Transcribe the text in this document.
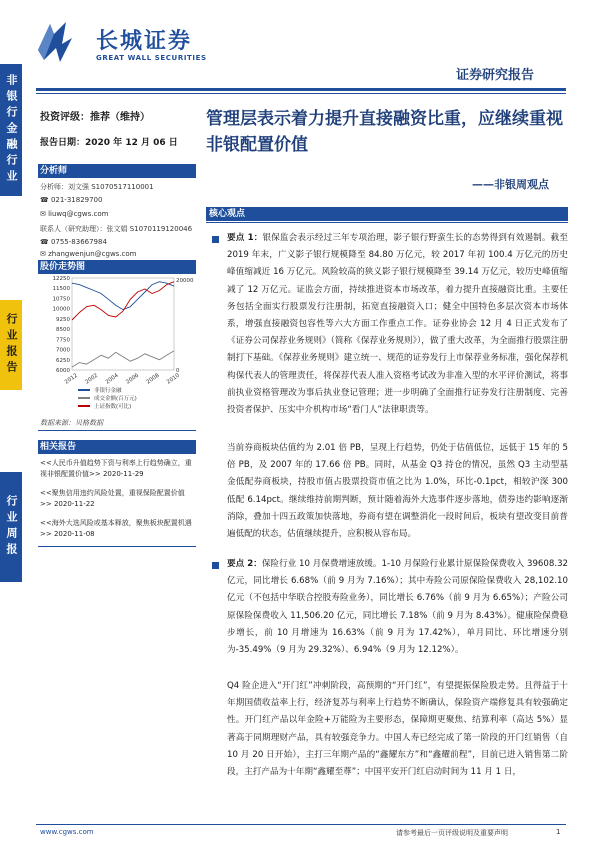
长城证券
GREAT WALL SECURITIES
证券研究报告
非银行金融行业
行业报告
行业周报
投资评级：推荐（维持）
报告日期：2020 年 12 月 06 日
分析师
分析师：刘文强 S1070517110001
☎ 021-31829700
✉ liuwq@cgws.com
联系人（研究助理）：张文娟 S1070119120046
☎ 0755-83667984
✉ zhangwenjun@cgws.com
股价走势图
12250
11500
10750
10000
9250
8500
7750
7000
6250
6000
20000
0
2012 2002 2004 2006 2008 2010
非银行金融
成交金额(百万元)
上证指数(可比)
数据来源：贝格数据
相关报告
<<人民币升值趋势下资与利率上行趋势确立，重视非银配置价值>> 2020-11-29
<<聚焦信用违约风险处置，重视保险配置价值>> 2020-11-22
<<海外大选风险或基本释放，聚焦板块配置机遇>> 2020-11-08
管理层表示着力提升直接融资比重，应继续重视非银配置价值
——非银周观点
核心观点
要点 1：银保监会表示经过三年专项治理，影子银行野蛮生长的态势得到有效遏制。截至 2019 年末，广义影子银行规模降至 84.80 万亿元，较 2017 年初 100.4 万亿元的历史峰值缩减近 16 万亿元。风险较高的狭义影子银行规模降至 39.14 万亿元，较历史峰值缩减了 12 万亿元。证监会方面，持续推进资本市场改革，着力提升直接融资比重。主要任务包括全面实行股票发行注册制，拓宽直接融资入口；健全中国特色多层次资本市场体系，增强直接融资包容性等六大方面工作重点工作。证券业协会 12 月 4 日正式发布了《证券公司保荐业务规则》（简称《保荐业务规则》），做了重大改革，为全面推行股票注册制打下基础。《保荐业务规则》建立统一、规范的证券发行上市保荐业务标准，强化保荐机构保代表人的管理责任，将保荐代表人准入资格考试改为非准入型的水平评价测试，将事前执业资格管理改为事后执业登记管理；进一步明确了全面推行证券发行注册制度、完善投资者保护、压实中介机构市场“看门人”法律职责等。
当前券商板块估值约为 2.01 倍 PB，呈现上行趋势，仍处于估值低位，远低于 15 年的 5 倍 PB，及 2007 年的 17.66 倍 PB。同时，从基金 Q3 持仓的情况，虽然 Q3 主动型基金低配券商板块，持股市值占股票投资市值之比为 1.0%，环比-0.1pct，相较沪深 300 低配 6.14pct。继续维持前期判断，预计随着海外大选事件逐步落地，债券违约影响逐渐消除，叠加十四五政策加快落地，券商有望在调整消化一段时间后，板块有望改变目前普遍低配的状态，估值继续提升，应积极从容布局。
要点 2：保险行业 10 月保费增速放缓。1-10 月保险行业累计原保险保费收入 39608.32 亿元，同比增长 6.68%（前 9 月为 7.16%）；其中寿险公司原保险保费收入 28,102.10 亿元（不包括中华联合控股寿险业务），同比增长 6.76%（前 9 月为 6.65%）；产险公司原保险保费收入 11,506.20 亿元，同比增长 7.18%（前 9 月为 8.43%）。健康险保费稳步增长，前 10 月增速为 16.63%（前 9 月为 17.42%），单月同比、环比增速分别为-35.49%（9 月为 29.32%）、6.94%（9 月为 12.12%）。
Q4 险企进入“开门红”冲刺阶段，高预期的“开门红”，有望提振保险股走势。且得益于十年期国债收益率上行，经济复苏与利率上行趋势不断确认，保险资产端修复具有较强确定性。开门红产品以年金险+万能险为主要形态，保障期更聚焦、结算利率（高达 5%）显著高于同期理财产品，具有较强竞争力。中国人寿已经完成了第一阶段的开门红销售（自 10 月 20 日开始），主打三年期产品的“鑫耀东方”和“鑫耀前程”，目前已进入销售第二阶段，主打产品为十年期“鑫耀至尊”；中国平安开门红启动时间为 11 月 1 日，
www.cgws.com	请参考最后一页评级说明及重要声明	1
